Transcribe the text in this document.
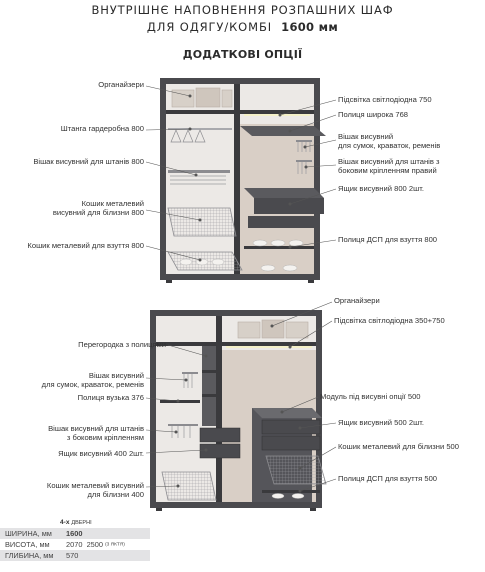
ВНУТРІШНЄ НАПОВНЕННЯ РОЗПАШНИХ ШАФ
ДЛЯ ОДЯГУ/КОМБІ 1600 мм
ДОДАТКОВІ ОПЦІЇ
Органайзери
Штанга гардеробна 800
Вішак висувний для штанів 800
Кошик металевий
висувний для білизни 800
Кошик металевий для взуття 800
Підсвітка світлодіодна 750
Полиця широка 768
Вішак висувний
для сумок, краваток, ременів
Вішак висувний для штанів з
боковим кріпленням правий
Ящик висувний 800 2шт.
Полиця ДСП для взуття 800
Перегородка з полицями
Вішак висувний
для сумок, краваток, ременів
Полиця вузька 376
Вішак висувний для штанів
з боковим кріпленням
Ящик висувний 400 2шт.
Кошик металевий висувний
для білизни 400
Органайзери
Підсвітка світлодіодна 350+750
Модуль під висувні опції 500
Ящик висувний 500 2шт.
Кошик металевий для білизни 500
Полиця ДСП для взуття 500
4-х ДВЕРНІ
ШИРИНА, мм 1600
ВИСОТА, мм 2070 2500 (3 ЯКТЯ)
ГЛИБИНА, мм 570
